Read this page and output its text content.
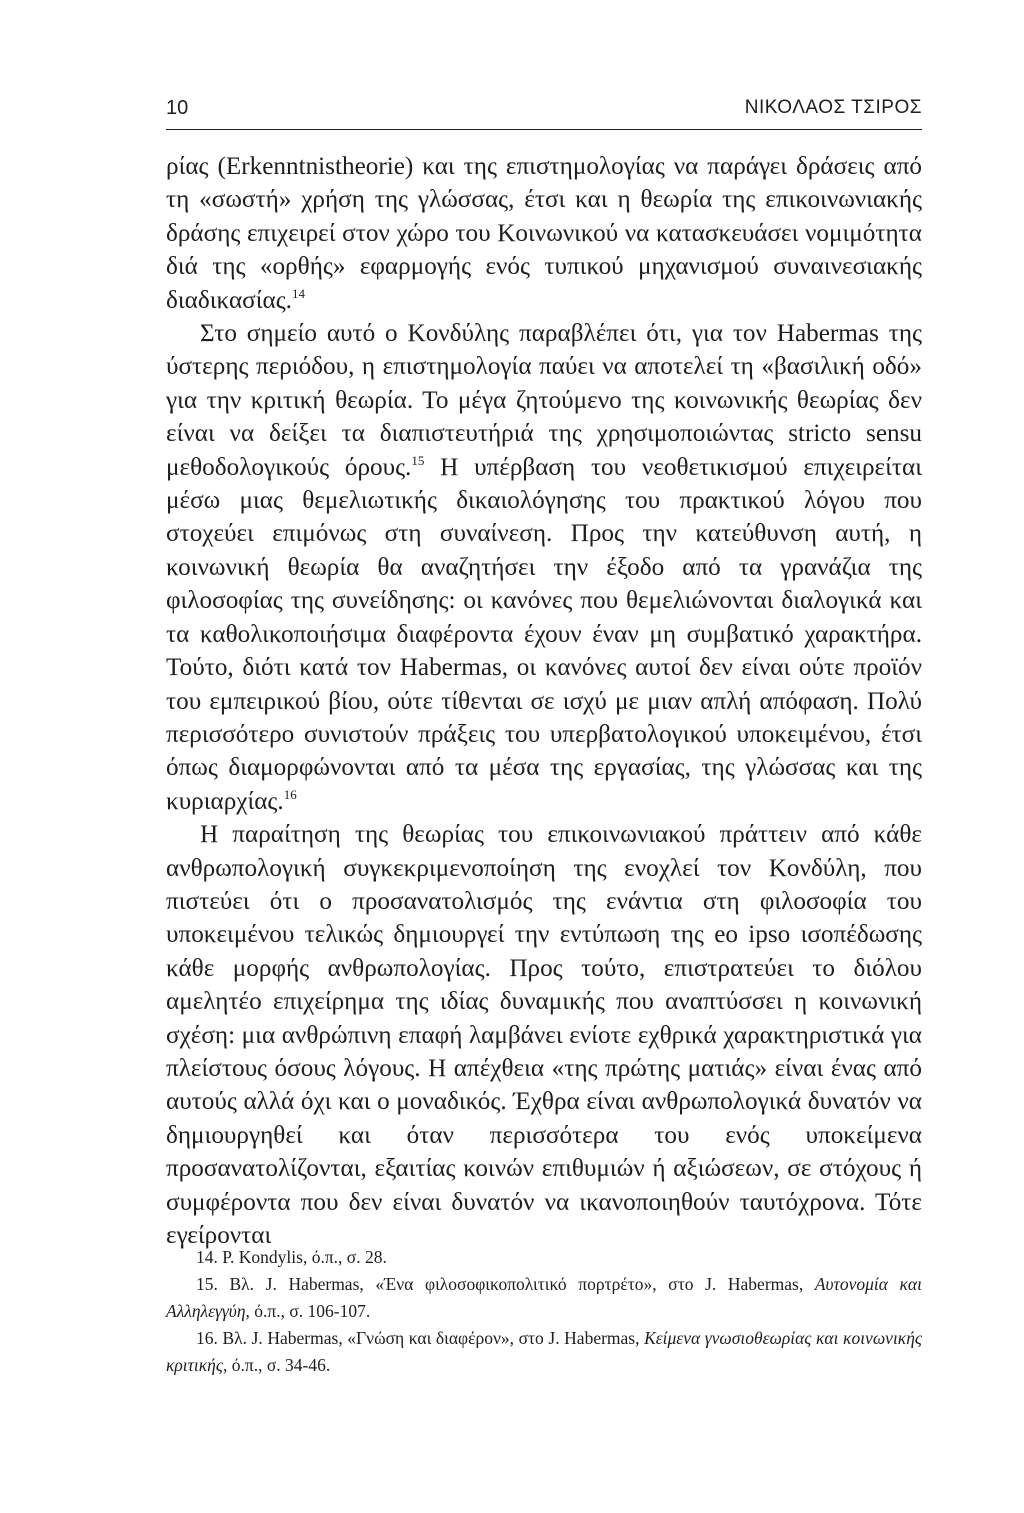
10	ΝΙΚΟΛΑΟΣ ΤΣΙΡΟΣ

ρίας (Erkenntnistheorie) και της επιστημολογίας να παράγει δράσεις από τη «σωστή» χρήση της γλώσσας, έτσι και η θεωρία της επικοινωνιακής δράσης επιχειρεί στον χώρο του Κοινωνικού να κατασκευάσει νομιμότητα διά της «ορθής» εφαρμογής ενός τυπικού μηχανισμού συναινεσιακής διαδικασίας.$^{14}$

Στο σημείο αυτό ο Κονδύλης παραβλέπει ότι, για τον Habermas της ύστερης περιόδου, η επιστημολογία παύει να αποτελεί τη «βασιλική οδό» για την κριτική θεωρία. Το μέγα ζητούμενο της κοινωνικής θεωρίας δεν είναι να δείξει τα διαπιστευτήριά της χρησιμοποιώντας stricto sensu μεθοδολογικούς όρους.$^{15}$ Η υπέρβαση του νεοθετικισμού επιχειρείται μέσω μιας θεμελιωτικής δικαιολόγησης του πρακτικού λόγου που στοχεύει επιμόνως στη συναίνεση. Προς την κατεύθυνση αυτή, η κοινωνική θεωρία θα αναζητήσει την έξοδο από τα γρανάζια της φιλοσοφίας της συνείδησης: οι κανόνες που θεμελιώνονται διαλογικά και τα καθολικοποιήσιμα διαφέροντα έχουν έναν μη συμβατικό χαρακτήρα. Τούτο, διότι κατά τον Habermas, οι κανόνες αυτοί δεν είναι ούτε προϊόν του εμπειρικού βίου, ούτε τίθενται σε ισχύ με μιαν απλή απόφαση. Πολύ περισσότερο συνιστούν πράξεις του υπερβατολογικού υποκειμένου, έτσι όπως διαμορφώνονται από τα μέσα της εργασίας, της γλώσσας και της κυριαρχίας.$^{16}$

Η παραίτηση της θεωρίας του επικοινωνιακού πράττειν από κάθε ανθρωπολογική συγκεκριμενοποίηση της ενοχλεί τον Κονδύλη, που πιστεύει ότι ο προσανατολισμός της ενάντια στη φιλοσοφία του υποκειμένου τελικώς δημιουργεί την εντύπωση της eo ipso ισοπέδωσης κάθε μορφής ανθρωπολογίας. Προς τούτο, επιστρατεύει το διόλου αμελητέο επιχείρημα της ιδίας δυναμικής που αναπτύσσει η κοινωνική σχέση: μια ανθρώπινη επαφή λαμβάνει ενίοτε εχθρικά χαρακτηριστικά για πλείστους όσους λόγους. Η απέχθεια «της πρώτης ματιάς» είναι ένας από αυτούς αλλά όχι και ο μοναδικός. Έχθρα είναι ανθρωπολογικά δυνατόν να δημιουργηθεί και όταν περισσότερα του ενός υποκείμενα προσανατολίζονται, εξαιτίας κοινών επιθυμιών ή αξιώσεων, σε στόχους ή συμφέροντα που δεν είναι δυνατόν να ικανοποιηθούν ταυτόχρονα. Τότε εγείρονται

14. P. Kondylis, ό.π., σ. 28.

15. Βλ. J. Habermas, «Ένα φιλοσοφικοπολιτικό πορτρέτο», στο J. Habermas, Αυτονομία και Αλληλεγγύη, ό.π., σ. 106-107.

16. Βλ. J. Habermas, «Γνώση και διαφέρον», στο J. Habermas, Κείμενα γνωσιοθεωρίας και κοινωνικής κριτικής, ό.π., σ. 34-46.
